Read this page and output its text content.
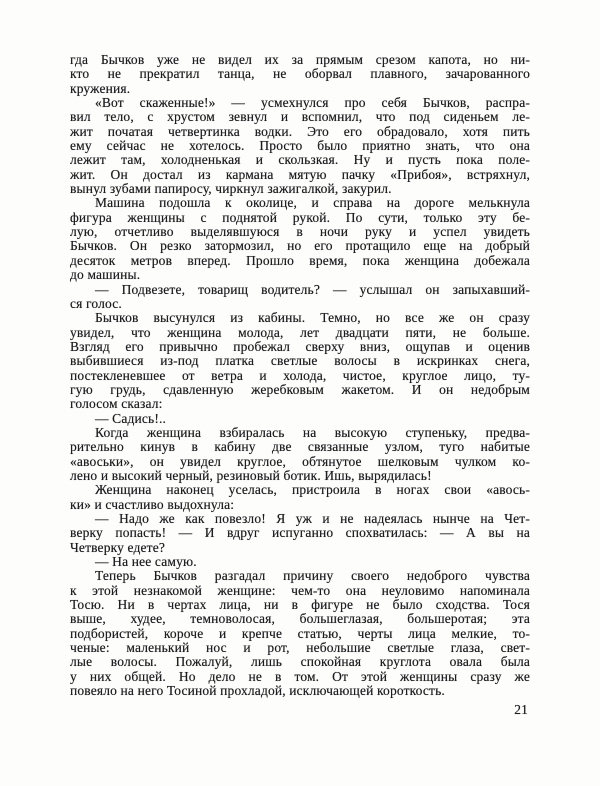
гда Бычков уже не видел их за прямым срезом капота, но ни-
кто не прекратил танца, не оборвал плавного, зачарованного
кружения.
«Вот скаженные!» — усмехнулся про себя Бычков, распра-
вил тело, с хрустом зевнул и вспомнил, что под сиденьем ле-
жит початая четвертинка водки. Это его обрадовало, хотя пить
ему сейчас не хотелось. Просто было приятно знать, что она
лежит там, холодненькая и скользкая. Ну и пусть пока поле-
жит. Он достал из кармана мятую пачку «Прибоя», встряхнул,
вынул зубами папиросу, чиркнул зажигалкой, закурил.
Машина подошла к околице, и справа на дороге мелькнула
фигура женщины с поднятой рукой. По сути, только эту бе-
лую, отчетливо выделявшуюся в ночи руку и успел увидеть
Бычков. Он резко затормозил, но его протащило еще на добрый
десяток метров вперед. Прошло время, пока женщина добежала
до машины.
— Подвезете, товарищ водитель? — услышал он запыхавший-
ся голос.
Бычков высунулся из кабины. Темно, но все же он сразу
увидел, что женщина молода, лет двадцати пяти, не больше.
Взгляд его привычно пробежал сверху вниз, ощупав и оценив
выбившиеся из-под платка светлые волосы в искринках снега,
постекленевшее от ветра и холода, чистое, круглое лицо, ту-
гую грудь, сдавленную жеребковым жакетом. И он недобрым
голосом сказал:
— Садись!..
Когда женщина взбиралась на высокую ступеньку, предва-
рительно кинув в кабину две связанные узлом, туго набитые
«авоськи», он увидел круглое, обтянутое шелковым чулком ко-
лено и высокий черный, резиновый ботик. Ишь, вырядилась!
Женщина наконец уселась, пристроила в ногах свои «авось-
ки» и счастливо выдохнула:
— Надо же как повезло! Я уж и не надеялась нынче на Чет-
верку попасть! — И вдруг испуганно спохватилась: — А вы на
Четверку едете?
— На нее самую.
Теперь Бычков разгадал причину своего недоброго чувства
к этой незнакомой женщине: чем-то она неуловимо напоминала
Тосю. Ни в чертах лица, ни в фигуре не было сходства. Тося
выше, худее, темноволосая, большеглазая, большеротая; эта
подбористей, короче и крепче статью, черты лица мелкие, то-
ченые: маленький нос и рот, небольшие светлые глаза, свет-
лые волосы. Пожалуй, лишь спокойная круглота овала была
у них общей. Но дело не в том. От этой женщины сразу же
повеяло на него Тосиной прохладой, исключающей короткость.
21
